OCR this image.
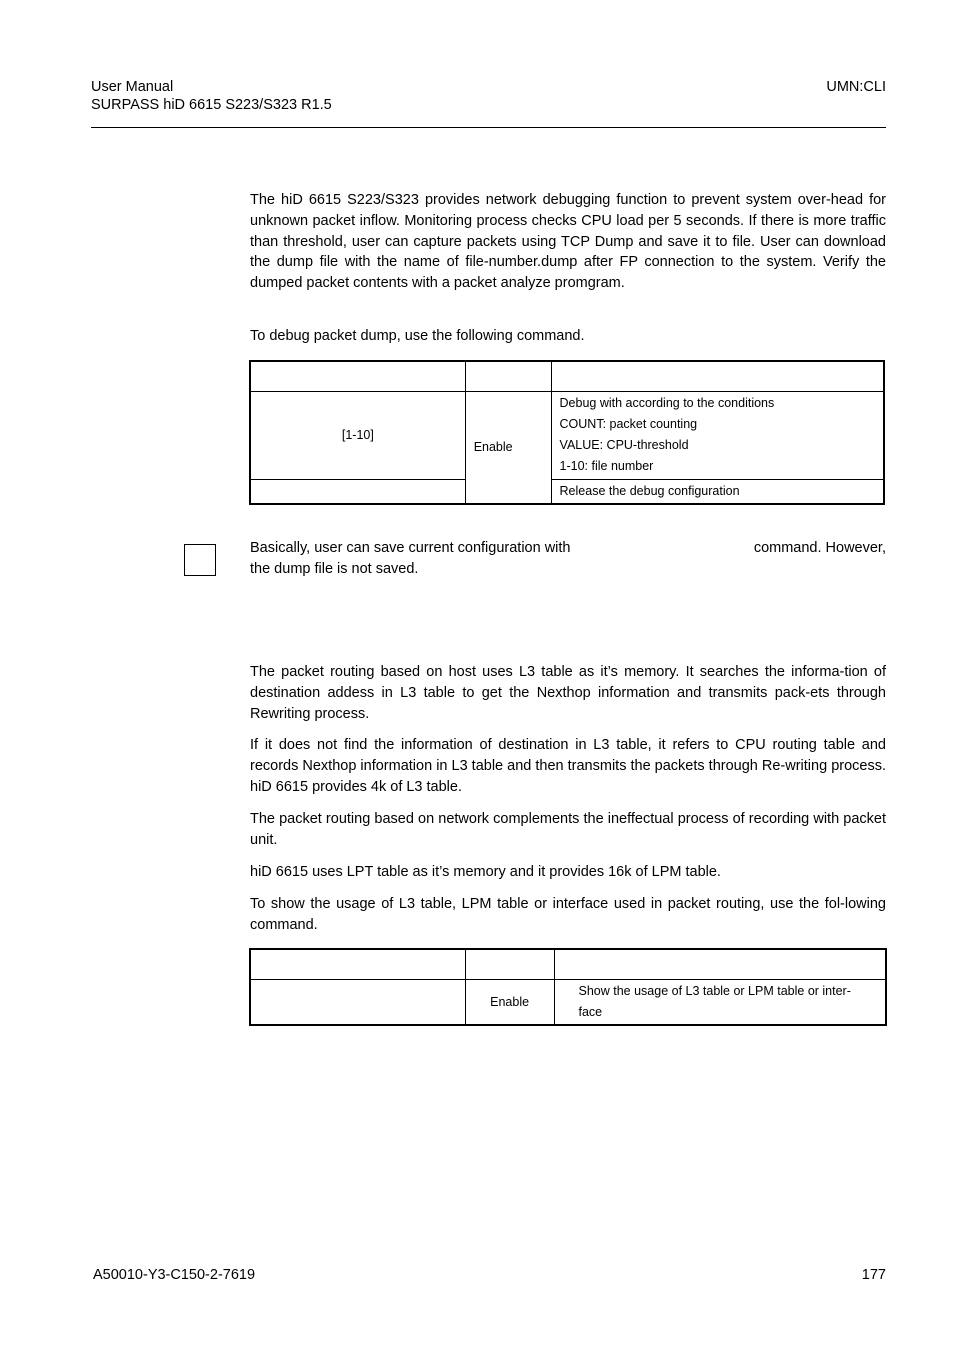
User Manual
SURPASS hiD 6615 S223/S323 R1.5
UMN:CLI

The hiD 6615 S223/S323 provides network debugging function to prevent system over-head for unknown packet inflow. Monitoring process checks CPU load per 5 seconds. If there is more traffic than threshold, user can capture packets using TCP Dump and save it to file. User can download the dump file with the name of file-number.dump after FP connection to the system. Verify the dumped packet contents with a packet analyze promgram.

To debug packet dump, use the following command.

[1-10]	Enable	Debug with according to the conditions
COUNT: packet counting
VALUE: CPU-threshold
1-10: file number

		Release the debug configuration
Basically, user can save current configuration with	command. However,
the dump file is not saved.

The packet routing based on host uses L3 table as it’s memory. It searches the informa-tion of destination addess in L3 table to get the Nexthop information and transmits pack-ets through Rewriting process.

If it does not find the information of destination in L3 table, it refers to CPU routing table and records Nexthop information in L3 table and then transmits the packets through Re-writing process. hiD 6615 provides 4k of L3 table.

The packet routing based on network complements the ineffectual process of recording with packet unit.

hiD 6615 uses LPT table as it’s memory and it provides 16k of LPM table.

To show the usage of L3 table, LPM table or interface used in packet routing, use the fol-lowing command.

	Enable	Show the usage of L3 table or LPM table or inter-
face
A50010-Y3-C150-2-7619	177
